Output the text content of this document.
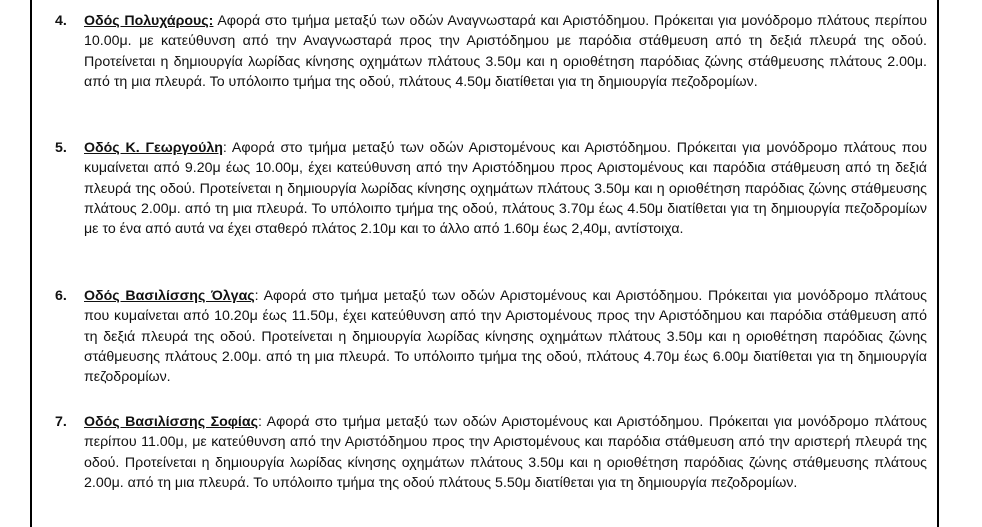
4. Οδός Πολυχάρους: Αφορά στο τμήμα μεταξύ των οδών Αναγνωσταρά και Αριστόδημου. Πρόκειται για μονόδρομο πλάτους περίπου 10.00μ. με κατεύθυνση από την Αναγνωσταρά προς την Αριστόδημου με παρόδια στάθμευση από τη δεξιά πλευρά της οδού. Προτείνεται η δημιουργία λωρίδας κίνησης οχημάτων πλάτους 3.50μ και η οριοθέτηση παρόδιας ζώνης στάθμευσης πλάτους 2.00μ. από τη μια πλευρά. Το υπόλοιπο τμήμα της οδού, πλάτους 4.50μ διατίθεται για τη δημιουργία πεζοδρομίων.
5. Οδός Κ. Γεωργούλη: Αφορά στο τμήμα μεταξύ των οδών Αριστομένους και Αριστόδημου. Πρόκειται για μονόδρομο πλάτους που κυμαίνεται από 9.20μ έως 10.00μ, έχει κατεύθυνση από την Αριστόδημου προς Αριστομένους και παρόδια στάθμευση από τη δεξιά πλευρά της οδού. Προτείνεται η δημιουργία λωρίδας κίνησης οχημάτων πλάτους 3.50μ και η οριοθέτηση παρόδιας ζώνης στάθμευσης πλάτους 2.00μ. από τη μια πλευρά. Το υπόλοιπο τμήμα της οδού, πλάτους 3.70μ έως 4.50μ διατίθεται για τη δημιουργία πεζοδρομίων με το ένα από αυτά να έχει σταθερό πλάτος 2.10μ και το άλλο από 1.60μ έως 2,40μ, αντίστοιχα.
6. Οδός Βασιλίσσης Όλγας: Αφορά στο τμήμα μεταξύ των οδών Αριστομένους και Αριστόδημου. Πρόκειται για μονόδρομο πλάτους που κυμαίνεται από 10.20μ έως 11.50μ, έχει κατεύθυνση από την Αριστομένους προς την Αριστόδημου και παρόδια στάθμευση από τη δεξιά πλευρά της οδού. Προτείνεται η δημιουργία λωρίδας κίνησης οχημάτων πλάτους 3.50μ και η οριοθέτηση παρόδιας ζώνης στάθμευσης πλάτους 2.00μ. από τη μια πλευρά. Το υπόλοιπο τμήμα της οδού, πλάτους 4.70μ έως 6.00μ διατίθεται για τη δημιουργία πεζοδρομίων.
7. Οδός Βασιλίσσης Σοφίας: Αφορά στο τμήμα μεταξύ των οδών Αριστομένους και Αριστόδημου. Πρόκειται για μονόδρομο πλάτους περίπου 11.00μ, με κατεύθυνση από την Αριστόδημου προς την Αριστομένους και παρόδια στάθμευση από την αριστερή πλευρά της οδού. Προτείνεται η δημιουργία λωρίδας κίνησης οχημάτων πλάτους 3.50μ και η οριοθέτηση παρόδιας ζώνης στάθμευσης πλάτους 2.00μ. από τη μια πλευρά. Το υπόλοιπο τμήμα της οδού πλάτους 5.50μ διατίθεται για τη δημιουργία πεζοδρομίων.
